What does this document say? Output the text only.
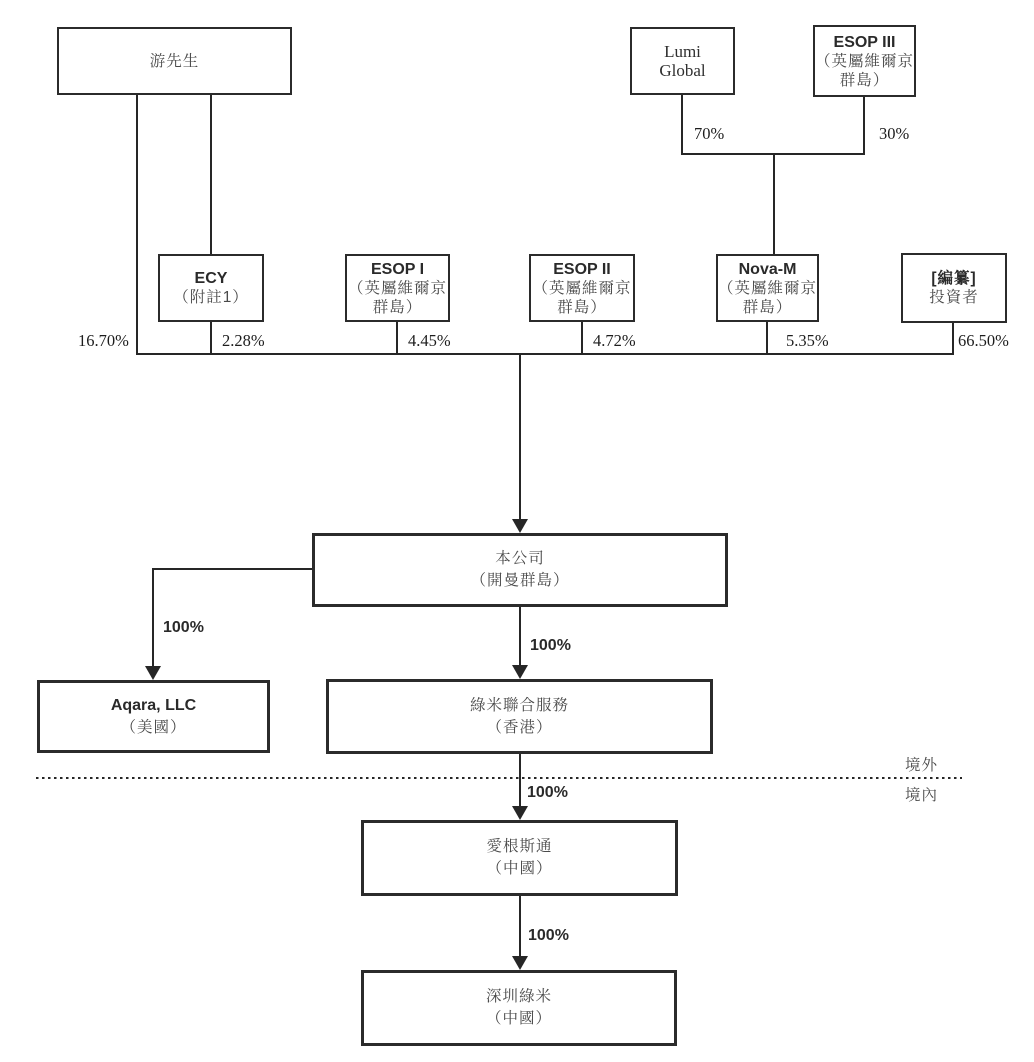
游先生	Lumi
Global
ESOP III
（英屬維爾京
群島）
ECY
（附註1）
ESOP I
（英屬維爾京
群島）
ESOP II
（英屬維爾京
群島）
Nova-M
（英屬維爾京
群島）
[編纂]
投資者
本公司
（開曼群島）
Aqara, LLC
（美國）
綠米聯合服務
（香港）
愛根斯通
（中國）
深圳綠米
（中國）
70%	30%
16.70%	2.28%	4.45%	4.72%	5.35%	66.50%
100%
100%
100%
100%
境外
境內
